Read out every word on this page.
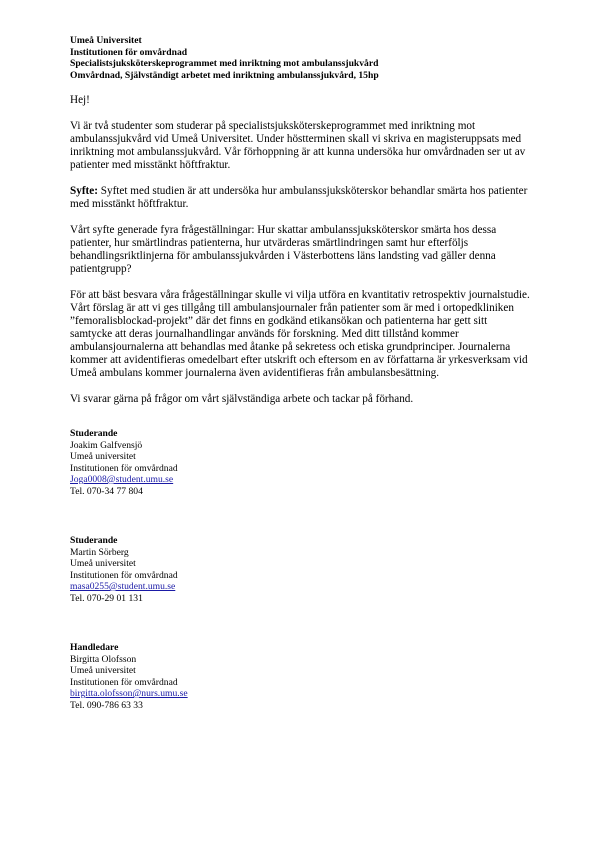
Umeå Universitet
Institutionen för omvårdnad
Specialistsjuksköterskeprogrammet med inriktning mot ambulanssjukvård
Omvårdnad, Självständigt arbetet med inriktning ambulanssjukvård, 15hp
Hej!

Vi är två studenter som studerar på specialistsjuksköterskeprogrammet med inriktning mot ambulanssjukvård vid Umeå Universitet. Under höstterminen skall vi skriva en magisteruppsats med inriktning mot ambulanssjukvård. Vår förhoppning är att kunna undersöka hur omvårdnaden ser ut av patienter med misstänkt höftfraktur.

Syfte: Syftet med studien är att undersöka hur ambulanssjuksköterskor behandlar smärta hos patienter med misstänkt höftfraktur.

Vårt syfte generade fyra frågeställningar: Hur skattar ambulanssjuksköterskor smärta hos dessa patienter, hur smärtlindras patienterna, hur utvärderas smärtlindringen samt hur efterföljs behandlingsriktlinjerna för ambulanssjukvården i Västerbottens läns landsting vad gäller denna patientgrupp?

För att bäst besvara våra frågeställningar skulle vi vilja utföra en kvantitativ retrospektiv journalstudie. Vårt förslag är att vi ges tillgång till ambulansjournaler från patienter som är med i ortopedkliniken ”femoralisblockad-projekt” där det finns en godkänd etikansökan och patienterna har gett sitt samtycke att deras journalhandlingar används för forskning. Med ditt tillstånd kommer ambulansjournalerna att behandlas med åtanke på sekretess och etiska grundprinciper. Journalerna kommer att avidentifieras omedelbart efter utskrift och eftersom en av författarna är yrkesverksam vid Umeå ambulans kommer journalerna även avidentifieras från ambulansbesättning.

Vi svarar gärna på frågor om vårt självständiga arbete och tackar på förhand.

Studerande
Joakim Galfvensjö
Umeå universitet
Institutionen för omvårdnad
Joga0008@student.umu.se
Tel. 070-34 77 804
Studerande
Martin Sörberg
Umeå universitet
Institutionen för omvårdnad
masa0255@student.umu.se
Tel. 070-29 01 131
Handledare
Birgitta Olofsson
Umeå universitet
Institutionen för omvårdnad
birgitta.olofsson@nurs.umu.se
Tel. 090-786 63 33
